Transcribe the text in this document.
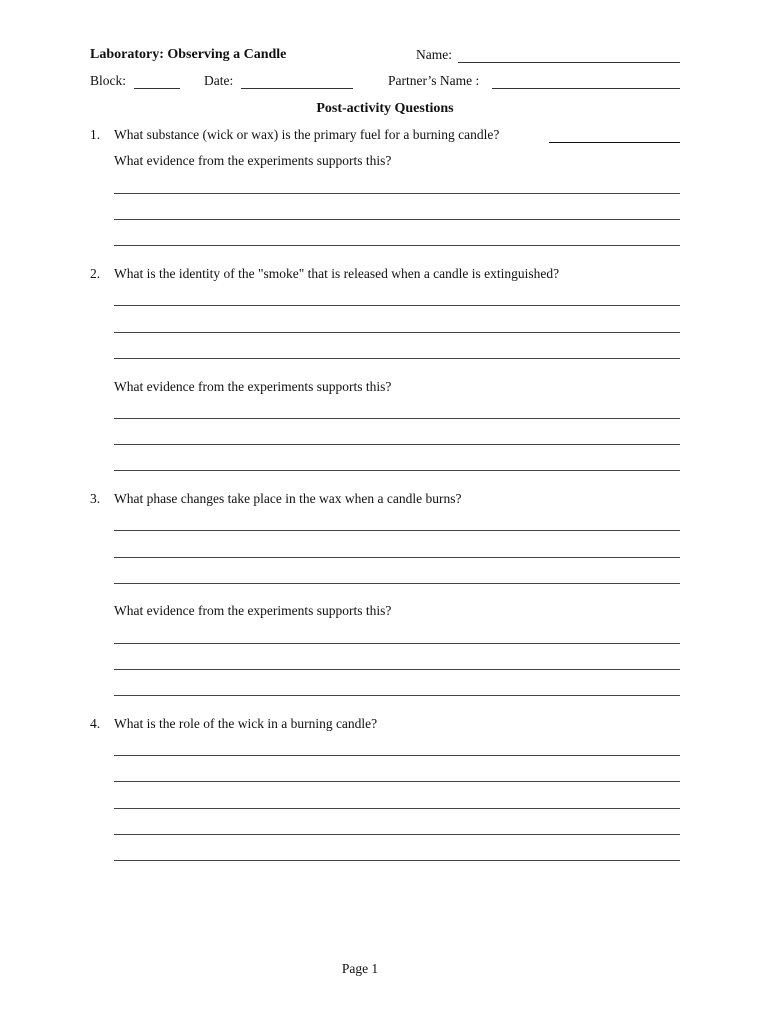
Laboratory: Observing a Candle	Name:
Block:	Date:	Partner’s Name :
Post-activity Questions
1. What substance (wick or wax) is the primary fuel for a burning candle?
What evidence from the experiments supports this?
2. What is the identity of the "smoke" that is released when a candle is extinguished?
What evidence from the experiments supports this?
3. What phase changes take place in the wax when a candle burns?
What evidence from the experiments supports this?
4. What is the role of the wick in a burning candle?
Page 1
